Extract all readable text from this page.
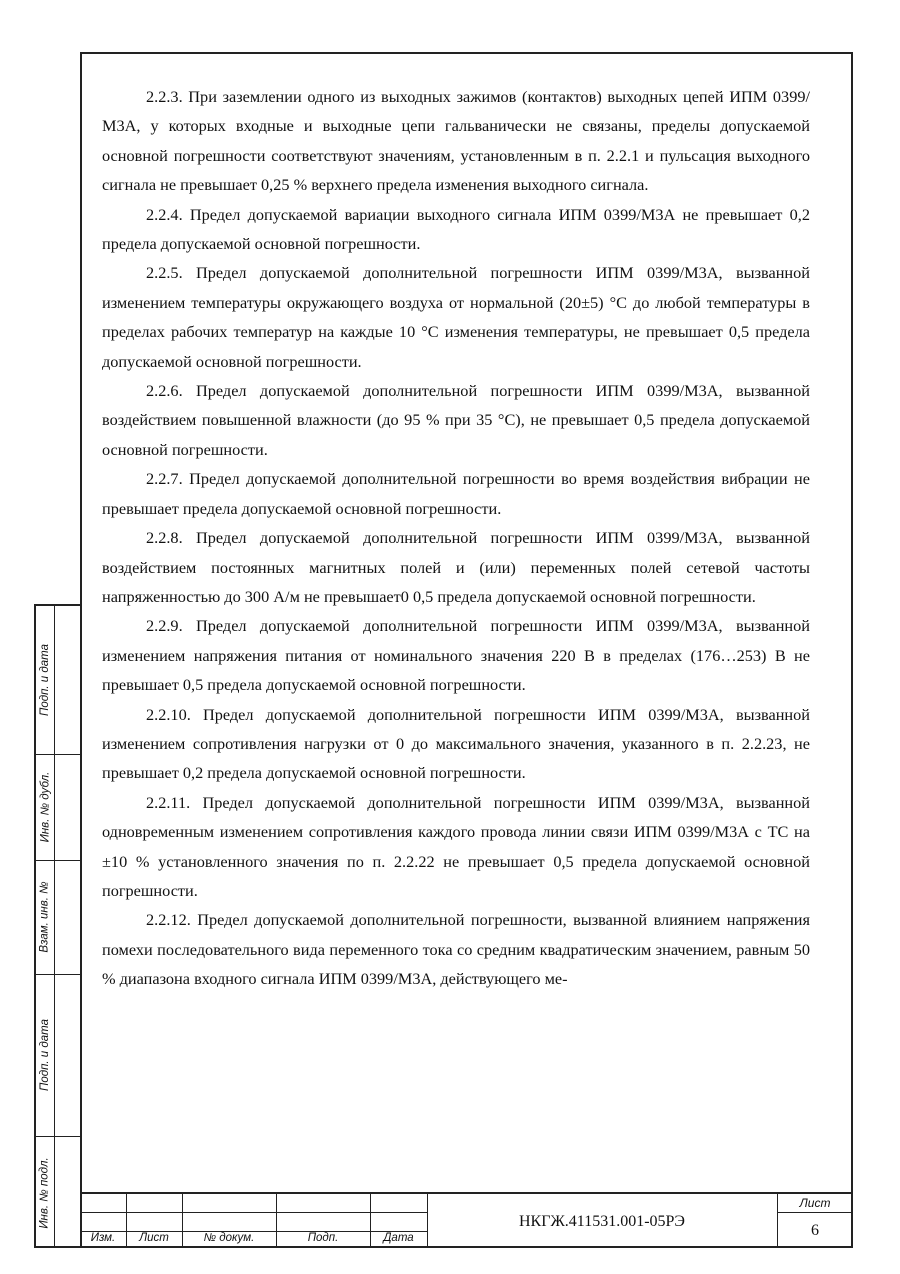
2.2.3. При заземлении одного из выходных зажимов (контактов) выходных цепей ИПМ 0399/М3А, у которых входные и выходные цепи гальванически не связаны, пределы допускаемой основной погрешности соответствуют значениям, установленным в п. 2.2.1 и пульсация выходного сигнала не превышает 0,25 % верхнего предела изменения выходного сигнала.

2.2.4. Предел допускаемой вариации выходного сигнала ИПМ 0399/М3А не превышает 0,2 предела допускаемой основной погрешности.

2.2.5. Предел допускаемой дополнительной погрешности ИПМ 0399/М3А, вызванной изменением температуры окружающего воздуха от нормальной (20±5) °С до любой температуры в пределах рабочих температур на каждые 10 °С изменения температуры, не превышает 0,5 предела допускаемой основной погрешности.

2.2.6. Предел допускаемой дополнительной погрешности ИПМ 0399/М3А, вызванной воздействием повышенной влажности (до 95 % при 35 °С), не превышает 0,5 предела допускаемой основной погрешности.

2.2.7. Предел допускаемой дополнительной погрешности во время воздействия вибрации не превышает предела допускаемой основной погрешности.

2.2.8. Предел допускаемой дополнительной погрешности ИПМ 0399/М3А, вызванной воздействием постоянных магнитных полей и (или) переменных полей сетевой частоты напряженностью до 300 А/м не превышает0 0,5 предела допускаемой основной погрешности.

2.2.9. Предел допускаемой дополнительной погрешности ИПМ 0399/М3А, вызванной изменением напряжения питания от номинального значения 220 В в пределах (176…253) В не превышает 0,5 предела допускаемой основной погрешности.

2.2.10. Предел допускаемой дополнительной погрешности ИПМ 0399/М3А, вызванной изменением сопротивления нагрузки от 0 до максимального значения, указанного в п. 2.2.23, не превышает 0,2 предела допускаемой основной погрешности.

2.2.11. Предел допускаемой дополнительной погрешности ИПМ 0399/М3А, вызванной одновременным изменением сопротивления каждого провода линии связи ИПМ 0399/М3А с ТС на ±10 % установленного значения по п. 2.2.22 не превышает 0,5 предела допускаемой основной погрешности.

2.2.12. Предел допускаемой дополнительной погрешности, вызванной влиянием напряжения помехи последовательного вида переменного тока со средним квадратическим значением, равным 50 % диапазона входного сигнала ИПМ 0399/М3А, действующего ме-

Подп. и дата
Инв. № дубл.
Взам. инв. №
Подп. и дата
Инв. № подл.
Изм.	Лист	№ докум.	Подп.	Дата
НКГЖ.411531.001-05РЭ
Лист
6
